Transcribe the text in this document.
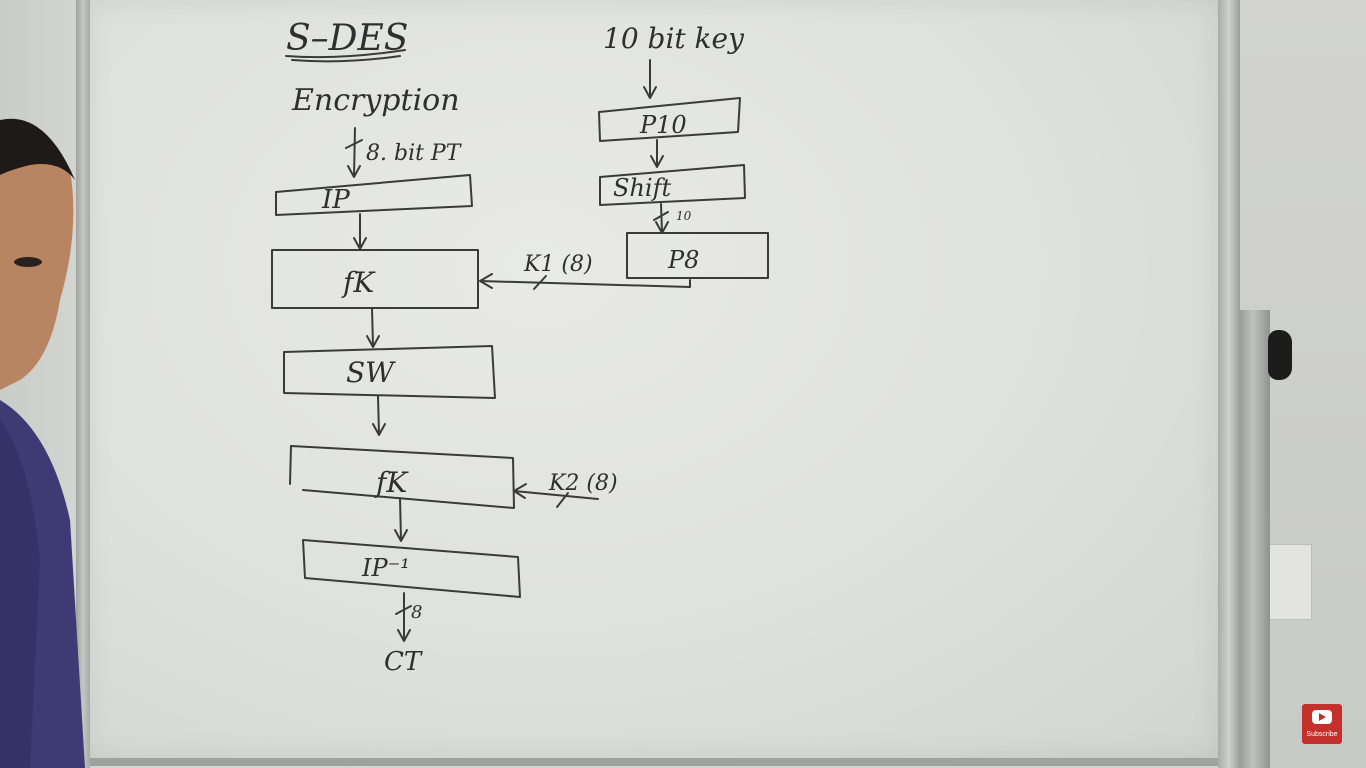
S–DES
Encryption
10 bit key
8. bit PT
IP
fK
SW
fK
IP⁻¹
P10
Shift
P8
10
K1 (8)
K2 (8)
8
CT
Subscribe
